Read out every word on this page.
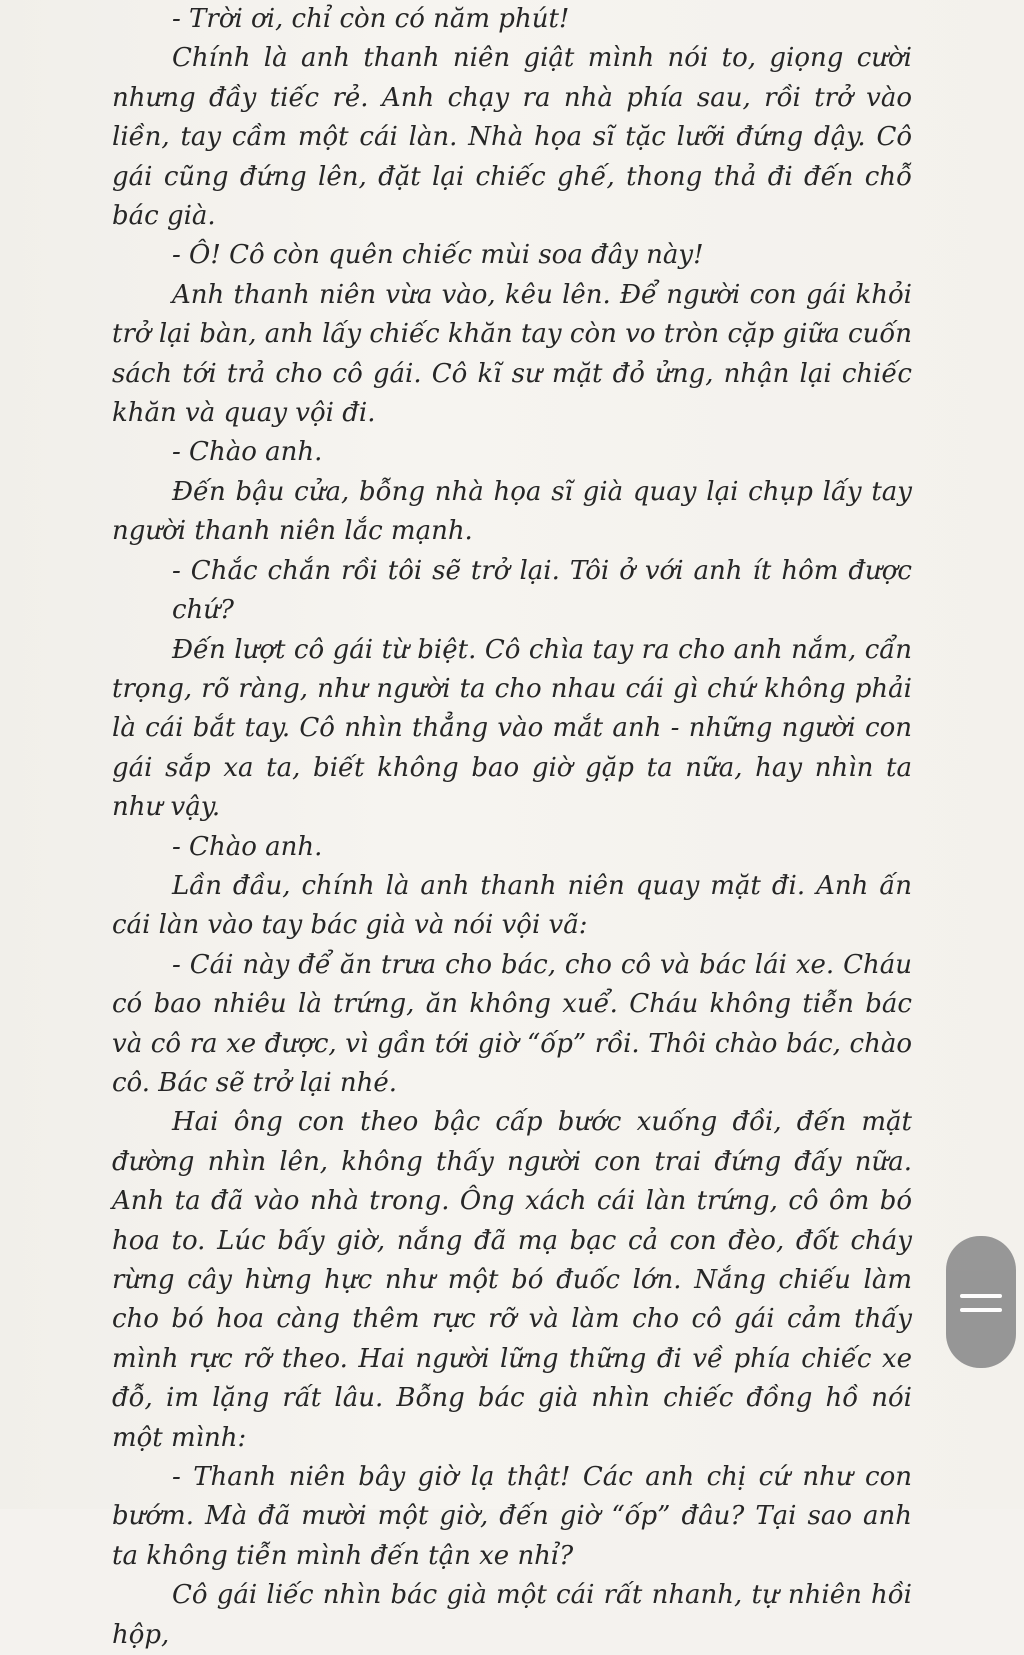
- Trời ơi, chỉ còn có năm phút!

Chính là anh thanh niên giật mình nói to, giọng cười nhưng đầy tiếc rẻ. Anh chạy ra nhà phía sau, rồi trở vào liền, tay cầm một cái làn. Nhà họa sĩ tặc lưỡi đứng dậy. Cô gái cũng đứng lên, đặt lại chiếc ghế, thong thả đi đến chỗ bác già.

- Ô! Cô còn quên chiếc mùi soa đây này!

Anh thanh niên vừa vào, kêu lên. Để người con gái khỏi trở lại bàn, anh lấy chiếc khăn tay còn vo tròn cặp giữa cuốn sách tới trả cho cô gái. Cô kĩ sư mặt đỏ ửng, nhận lại chiếc khăn và quay vội đi.

- Chào anh.

Đến bậu cửa, bỗng nhà họa sĩ già quay lại chụp lấy tay người thanh niên lắc mạnh.

- Chắc chắn rồi tôi sẽ trở lại. Tôi ở với anh ít hôm được chứ?

Đến lượt cô gái từ biệt. Cô chìa tay ra cho anh nắm, cẩn trọng, rõ ràng, như người ta cho nhau cái gì chứ không phải là cái bắt tay. Cô nhìn thẳng vào mắt anh - những người con gái sắp xa ta, biết không bao giờ gặp ta nữa, hay nhìn ta như vậy.

- Chào anh.

Lần đầu, chính là anh thanh niên quay mặt đi. Anh ấn cái làn vào tay bác già và nói vội vã:

- Cái này để ăn trưa cho bác, cho cô và bác lái xe. Cháu có bao nhiêu là trứng, ăn không xuể. Cháu không tiễn bác và cô ra xe được, vì gần tới giờ “ốp” rồi. Thôi chào bác, chào cô. Bác sẽ trở lại nhé.

Hai ông con theo bậc cấp bước xuống đồi, đến mặt đường nhìn lên, không thấy người con trai đứng đấy nữa. Anh ta đã vào nhà trong. Ông xách cái làn trứng, cô ôm bó hoa to. Lúc bấy giờ, nắng đã mạ bạc cả con đèo, đốt cháy rừng cây hừng hực như một bó đuốc lớn. Nắng chiếu làm cho bó hoa càng thêm rực rỡ và làm cho cô gái cảm thấy mình rực rỡ theo. Hai người lững thững đi về phía chiếc xe đỗ, im lặng rất lâu. Bỗng bác già nhìn chiếc đồng hồ nói một mình:

- Thanh niên bây giờ lạ thật! Các anh chị cứ như con bướm. Mà đã mười một giờ, đến giờ “ốp” đâu? Tại sao anh ta không tiễn mình đến tận xe nhỉ?

Cô gái liếc nhìn bác già một cái rất nhanh, tự nhiên hồi hộp,
